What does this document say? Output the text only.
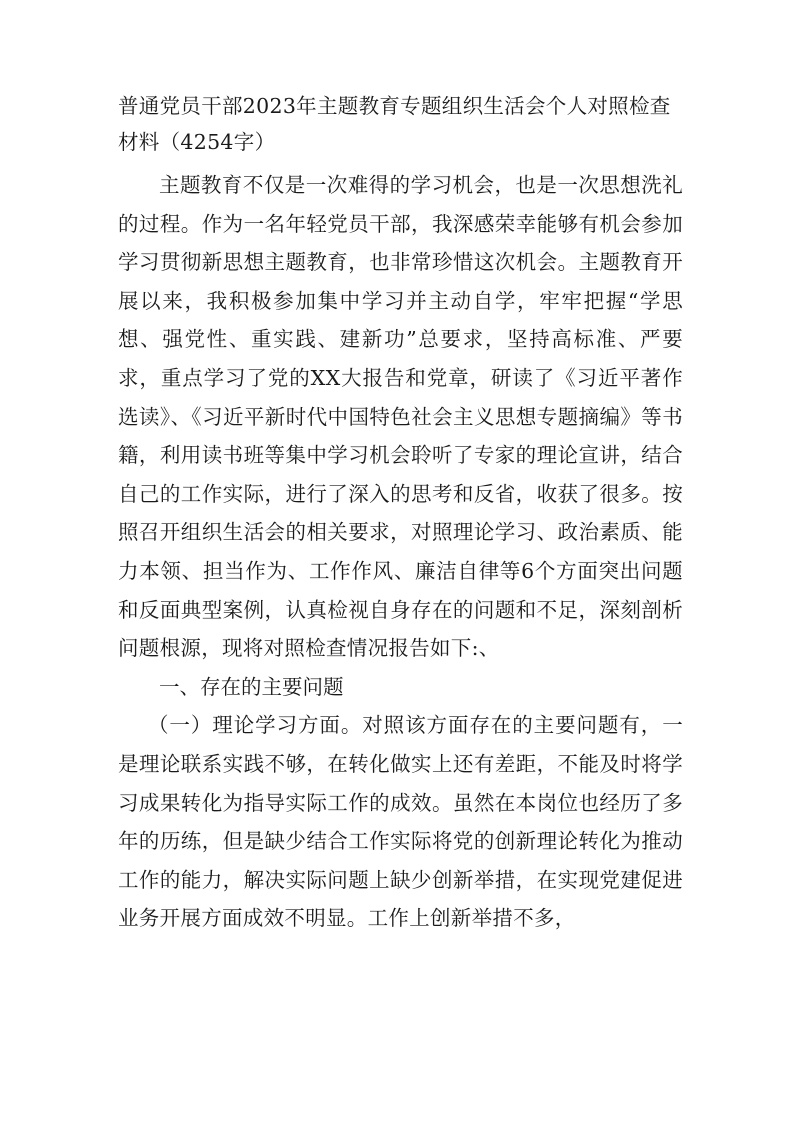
普通党员干部2023年主题教育专题组织生活会个人对照检查材料（4254字）

主题教育不仅是一次难得的学习机会，也是一次思想洗礼的过程。作为一名年轻党员干部，我深感荣幸能够有机会参加学习贯彻新思想主题教育，也非常珍惜这次机会。主题教育开展以来，我积极参加集中学习并主动自学，牢牢把握“学思想、强党性、重实践、建新功”总要求，坚持高标准、严要求，重点学习了党的XX大报告和党章，研读了《习近平著作选读》、《习近平新时代中国特色社会主义思想专题摘编》等书籍，利用读书班等集中学习机会聆听了专家的理论宣讲，结合自己的工作实际，进行了深入的思考和反省，收获了很多。按照召开组织生活会的相关要求，对照理论学习、政治素质、能力本领、担当作为、工作作风、廉洁自律等6个方面突出问题和反面典型案例，认真检视自身存在的问题和不足，深刻剖析问题根源，现将对照检查情况报告如下:、

一、存在的主要问题

（一）理论学习方面。对照该方面存在的主要问题有，一是理论联系实践不够，在转化做实上还有差距，不能及时将学习成果转化为指导实际工作的成效。虽然在本岗位也经历了多年的历练，但是缺少结合工作实际将党的创新理论转化为推动工作的能力，解决实际问题上缺少创新举措，在实现党建促进业务开展方面成效不明显。工作上创新举措不多，
